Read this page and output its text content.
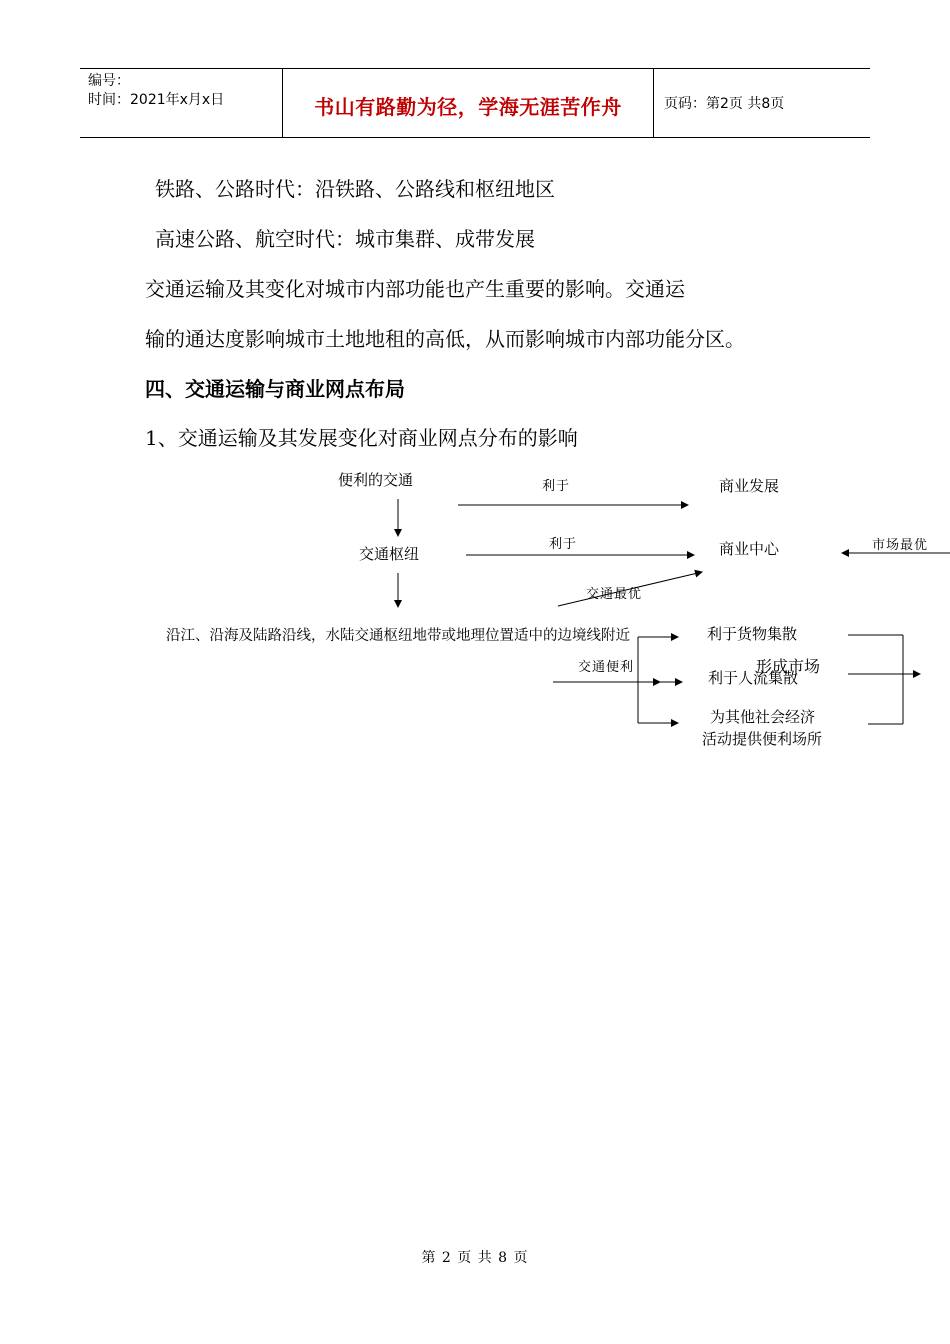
编号：
时间：2021年x月x日	书山有路勤为径，学海无涯苦作舟	页码：第2页 共8页
铁路、公路时代：沿铁路、公路线和枢纽地区
高速公路、航空时代：城市集群、成带发展
交通运输及其变化对城市内部功能也产生重要的影响。交通运
输的通达度影响城市土地地租的高低，从而影响城市内部功能分区。
四、交通运输与商业网点布局
1、交通运输及其发展变化对商业网点分布的影响
便利的交通
交通枢纽
沿江、沿海及陆路沿线，水陆交通枢纽地带或地理位置适中的边境线附近
商业发展
商业中心
利于货物集散
利于人流集散
为其他社会经济
活动提供便利场所
利于
利于	市场最优
交通最优
交通便利	形成市场
第 2 页 共 8 页
